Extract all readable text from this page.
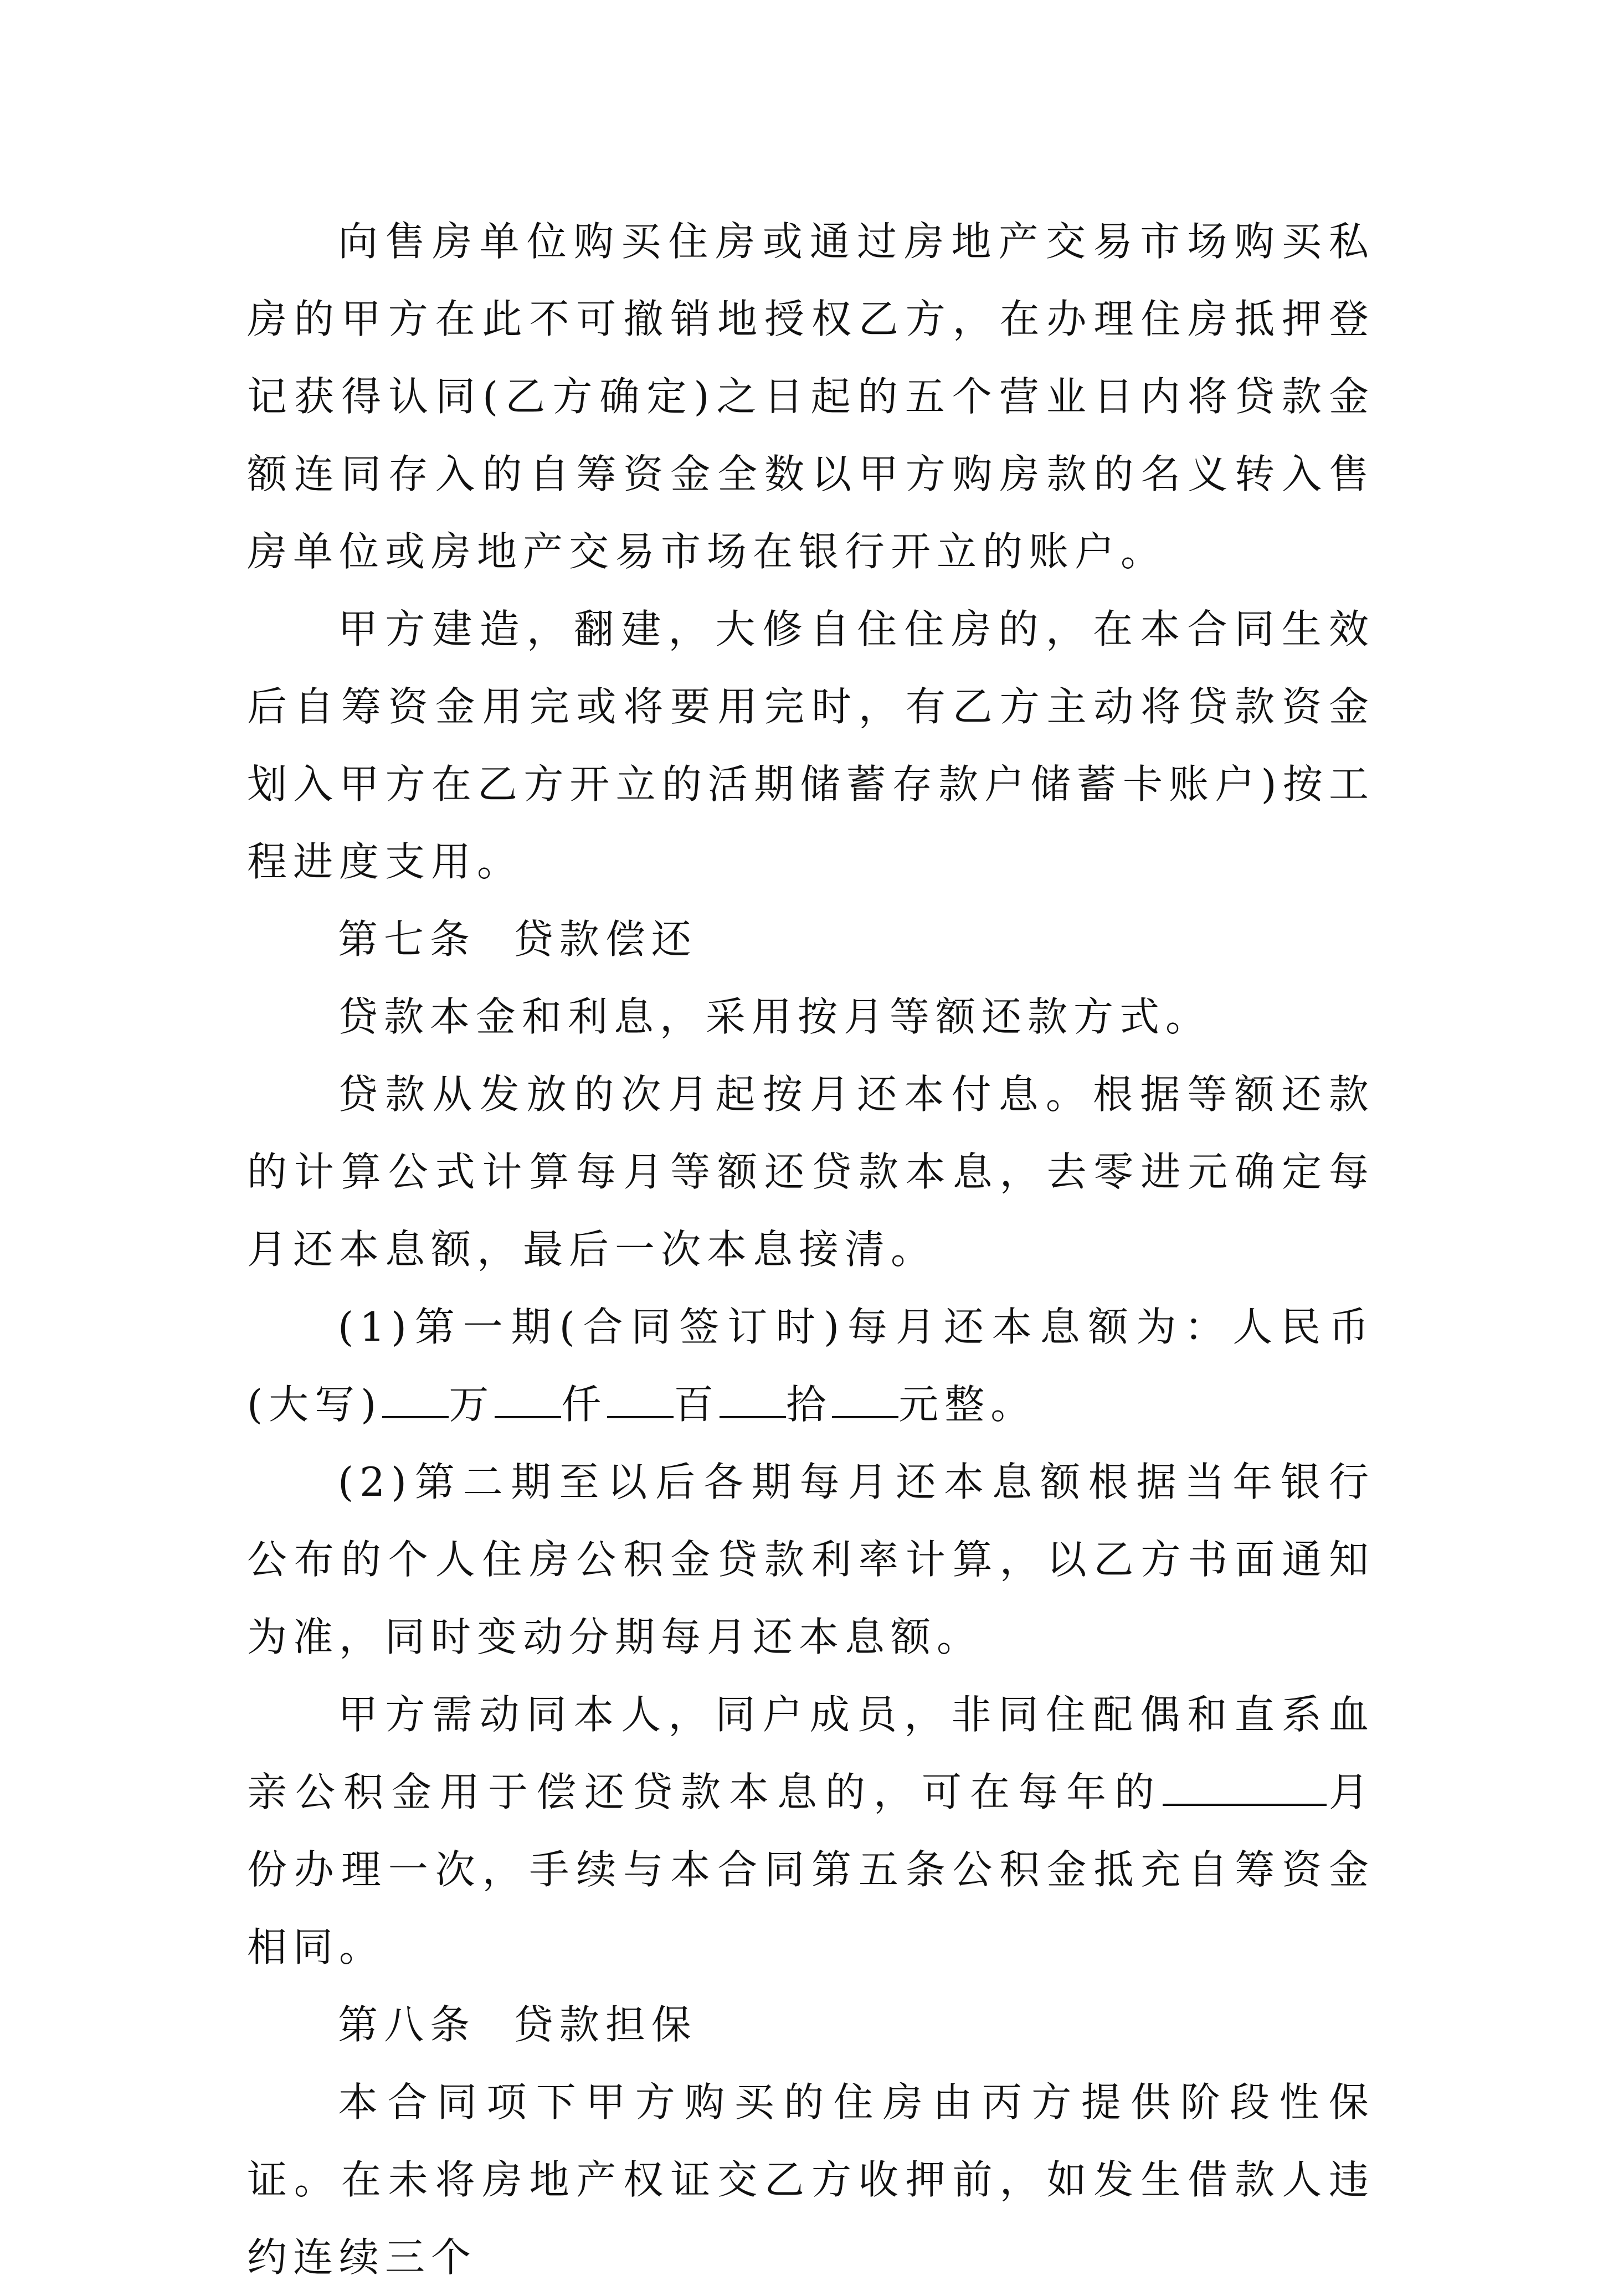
向售房单位购买住房或通过房地产交易市场购买私房的甲方在此不可撤销地授权乙方，在办理住房抵押登记获得认同(乙方确定)之日起的五个营业日内将贷款金额连同存入的自筹资金全数以甲方购房款的名义转入售房单位或房地产交易市场在银行开立的账户。

甲方建造，翻建，大修自住住房的，在本合同生效后自筹资金用完或将要用完时，有乙方主动将贷款资金划入甲方在乙方开立的活期储蓄存款户储蓄卡账户)按工程进度支用。

第七条  贷款偿还

贷款本金和利息，采用按月等额还款方式。

贷款从发放的次月起按月还本付息。根据等额还款的计算公式计算每月等额还贷款本息，去零进元确定每月还本息额，最后一次本息接清。

(1)第一期(合同签订时)每月还本息额为：人民币(大写) 万 仟 百 拾 元整。

(2)第二期至以后各期每月还本息额根据当年银行公布的个人住房公积金贷款利率计算，以乙方书面通知为准，同时变动分期每月还本息额。

甲方需动同本人，同户成员，非同住配偶和直系血亲公积金用于偿还贷款本息的，可在每年的	月份办理一次，手续与本合同第五条公积金抵充自筹资金相同。

第八条  贷款担保

本合同项下甲方购买的住房由丙方提供阶段性保证。在未将房地产权证交乙方收押前，如发生借款人违约连续三个
